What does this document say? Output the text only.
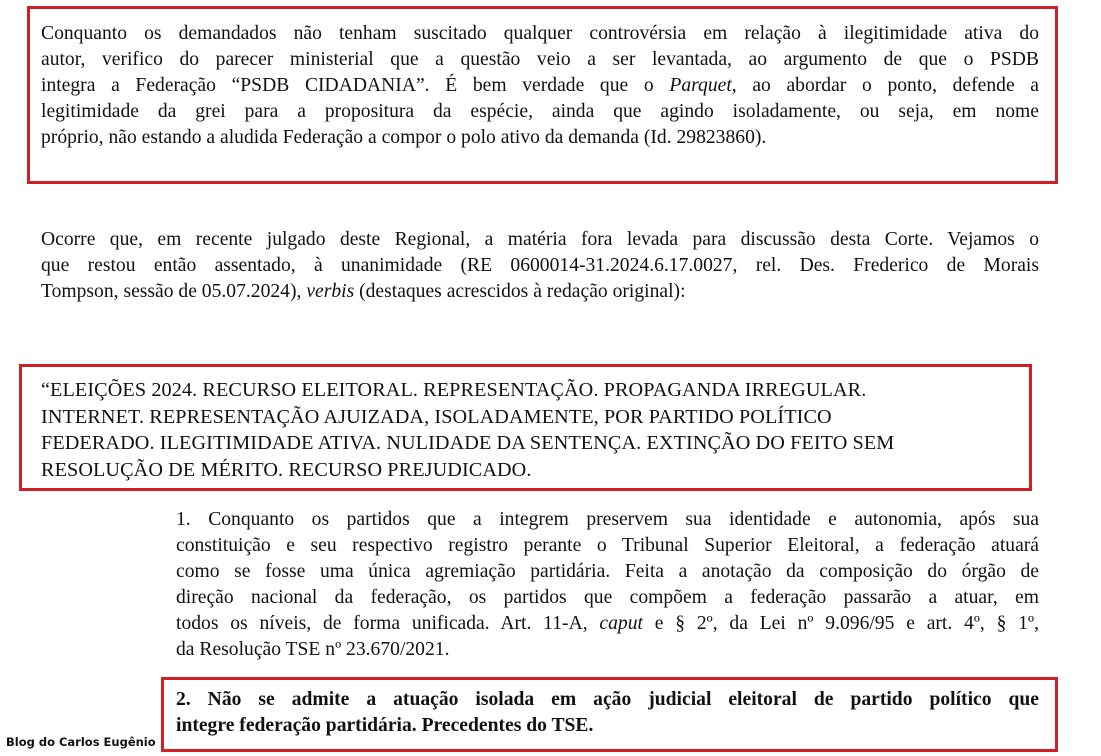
Conquanto os demandados não tenham suscitado qualquer controvérsia em relação à ilegitimidade ativa do
autor, verifico do parecer ministerial que a questão veio a ser levantada, ao argumento de que o PSDB
integra a Federação “PSDB CIDADANIA”. É bem verdade que o Parquet, ao abordar o ponto, defende a
legitimidade da grei para a propositura da espécie, ainda que agindo isoladamente, ou seja, em nome
próprio, não estando a aludida Federação a compor o polo ativo da demanda (Id. 29823860).
Ocorre que, em recente julgado deste Regional, a matéria fora levada para discussão desta Corte. Vejamos o
que restou então assentado, à unanimidade (RE 0600014-31.2024.6.17.0027, rel. Des. Frederico de Morais
Tompson, sessão de 05.07.2024), verbis (destaques acrescidos à redação original):
“ELEIÇÕES 2024. RECURSO ELEITORAL. REPRESENTAÇÃO. PROPAGANDA IRREGULAR.
INTERNET. REPRESENTAÇÃO AJUIZADA, ISOLADAMENTE, POR PARTIDO POLÍTICO
FEDERADO. ILEGITIMIDADE ATIVA. NULIDADE DA SENTENÇA. EXTINÇÃO DO FEITO SEM
RESOLUÇÃO DE MÉRITO. RECURSO PREJUDICADO.
1. Conquanto os partidos que a integrem preservem sua identidade e autonomia, após sua
constituição e seu respectivo registro perante o Tribunal Superior Eleitoral, a federação atuará
como se fosse uma única agremiação partidária. Feita a anotação da composição do órgão de
direção nacional da federação, os partidos que compõem a federação passarão a atuar, em
todos os níveis, de forma unificada. Art. 11-A, caput e § 2º, da Lei nº 9.096/95 e art. 4º, § 1º,
da Resolução TSE nº 23.670/2021.
2. Não se admite a atuação isolada em ação judicial eleitoral de partido político que
integre federação partidária. Precedentes do TSE.
Blog do Carlos Eugênio
